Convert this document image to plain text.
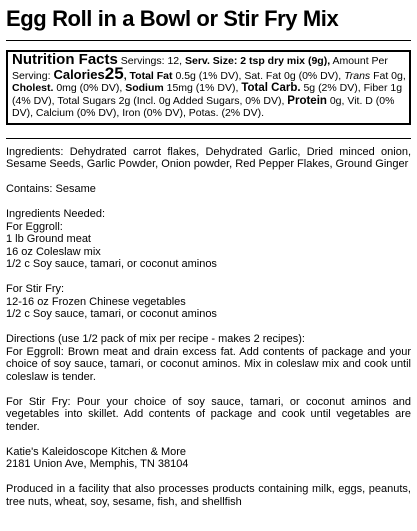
Egg Roll in a Bowl or Stir Fry Mix
Nutrition Facts Servings: 12, Serv. Size: 2 tsp dry mix (9g), Amount Per Serving: Calories25, Total Fat 0.5g (1% DV), Sat. Fat 0g (0% DV), Trans Fat 0g, Cholest. 0mg (0% DV), Sodium 15mg (1% DV), Total Carb. 5g (2% DV), Fiber 1g (4% DV), Total Sugars 2g (Incl. 0g Added Sugars, 0% DV), Protein 0g, Vit. D (0% DV), Calcium (0% DV), Iron (0% DV), Potas. (2% DV).
Ingredients: Dehydrated carrot flakes, Dehydrated Garlic, Dried minced onion, Sesame Seeds, Garlic Powder, Onion powder, Red Pepper Flakes, Ground Ginger
Contains: Sesame
Ingredients Needed:
For Eggroll:
1 lb Ground meat
16 oz Coleslaw mix
1/2 c Soy sauce, tamari, or coconut aminos
For Stir Fry:
12-16 oz Frozen Chinese vegetables
1/2 c Soy sauce, tamari, or coconut aminos
Directions (use 1/2 pack of mix per recipe - makes 2 recipes):
For Eggroll: Brown meat and drain excess fat. Add contents of package and your choice of soy sauce, tamari, or coconut aminos. Mix in coleslaw mix and cook until coleslaw is tender.
For Stir Fry: Pour your choice of soy sauce, tamari, or coconut aminos and vegetables into skillet. Add contents of package and cook until vegetables are tender.
Katie's Kaleidoscope Kitchen & More
2181 Union Ave, Memphis, TN 38104
Produced in a facility that also processes products containing milk, eggs, peanuts, tree nuts, wheat, soy, sesame, fish, and shellfish
